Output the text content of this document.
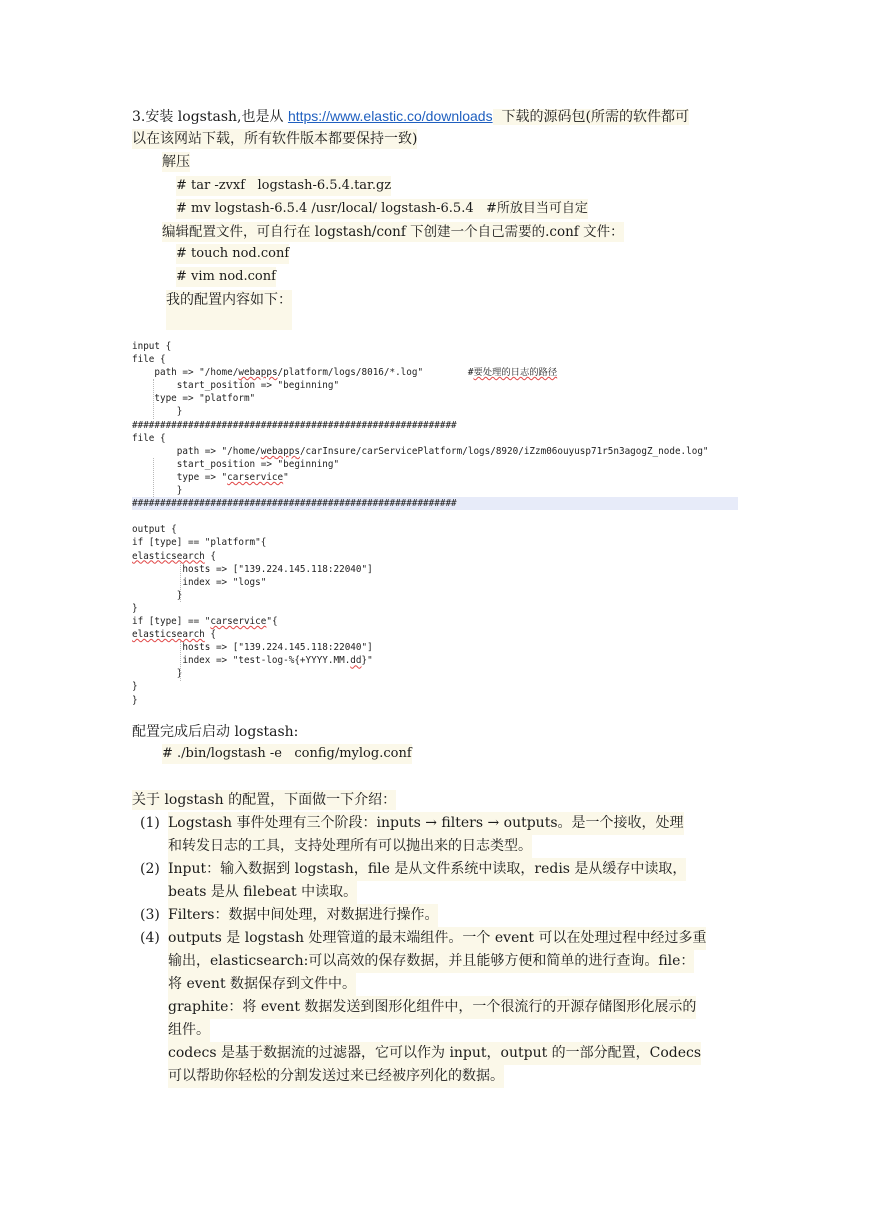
3.安装 logstash,也是从 https://www.elastic.co/downloads  下载的源码包(所需的软件都可
以在该网站下载，所有软件版本都要保持一致)
解压
# tar -zvxf   logstash-6.5.4.tar.gz
# mv logstash-6.5.4 /usr/local/ logstash-6.5.4   #所放目当可自定
编辑配置文件，可自行在 logstash/conf 下创建一个自己需要的.conf 文件：
# touch nod.conf
# vim nod.conf
我的配置内容如下：
input {
file {
path => "/home/webapps/platform/logs/8016/*.log"        #要处理的日志的路径
start_position => "beginning"
type => "platform"
}
##########################################################
file {
path => "/home/webapps/carInsure/carServicePlatform/logs/8920/iZzm06ouyusp71r5n3agogZ_node.log"
start_position => "beginning"
type => "carservice"
}
##########################################################
output {
if [type] == "platform"{
elasticsearch {
hosts => ["139.224.145.118:22040"]
index => "logs"
}
}
if [type] == "carservice"{
elasticsearch {
hosts => ["139.224.145.118:22040"]
index => "test-log-%{+YYYY.MM.dd}"
}
}
}
配置完成后启动 logstash:
# ./bin/logstash -e   config/mylog.conf
关于 logstash 的配置，下面做一下介绍：
(1) Logstash 事件处理有三个阶段：inputs → filters → outputs。是一个接收，处理
和转发日志的工具，支持处理所有可以抛出来的日志类型。
(2) Input：输入数据到 logstash，file 是从文件系统中读取，redis 是从缓存中读取，
beats 是从 filebeat 中读取。
(3) Filters：数据中间处理，对数据进行操作。
(4) outputs 是 logstash 处理管道的最末端组件。一个 event 可以在处理过程中经过多重
输出，elasticsearch:可以高效的保存数据，并且能够方便和简单的进行查询。file：
将 event 数据保存到文件中。
graphite：将 event 数据发送到图形化组件中，一个很流行的开源存储图形化展示的
组件。
codecs 是基于数据流的过滤器，它可以作为 input，output 的一部分配置，Codecs
可以帮助你轻松的分割发送过来已经被序列化的数据。
